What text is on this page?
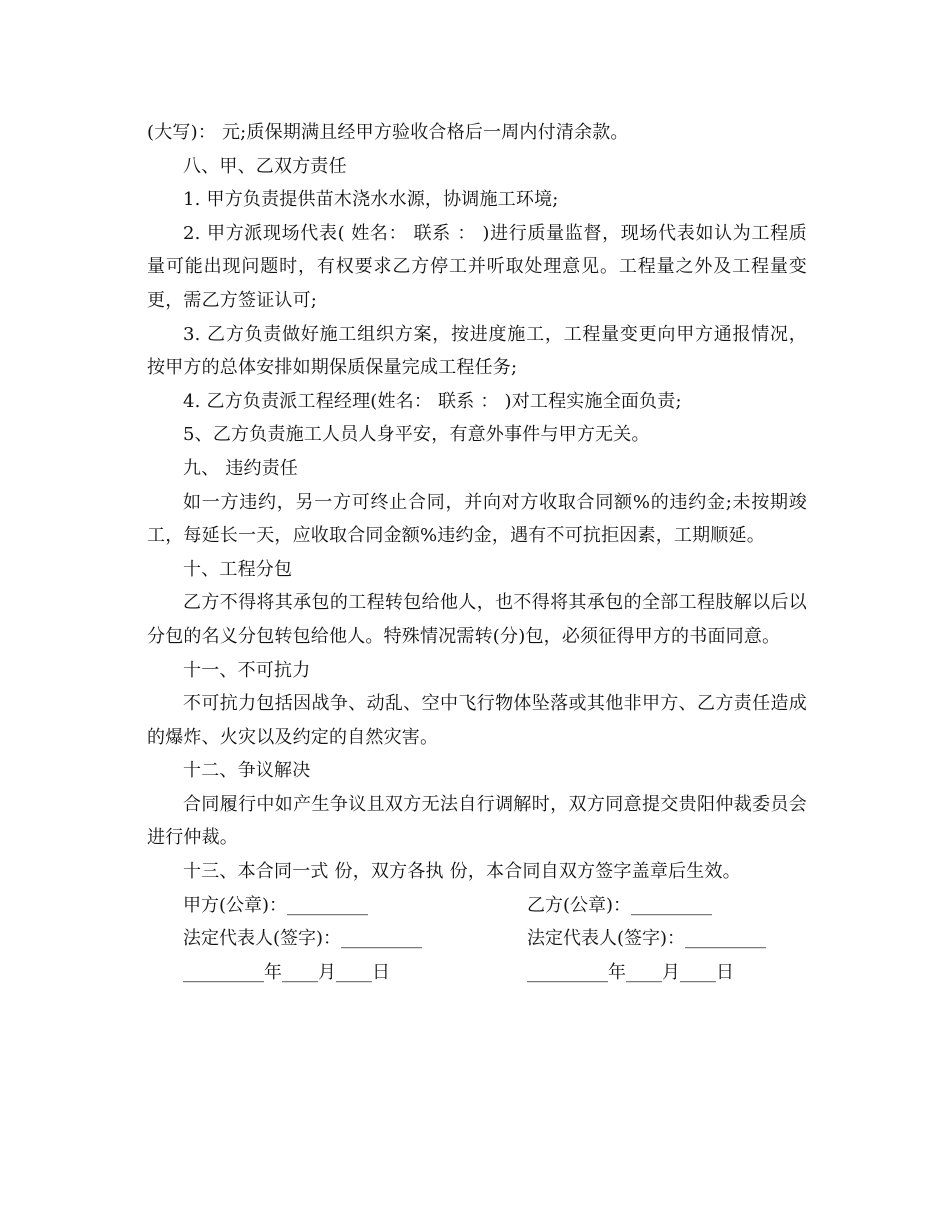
(大写)： 元;质保期满且经甲方验收合格后一周内付清余款。

八、甲、乙双方责任

1. 甲方负责提供苗木浇水水源，协调施工环境;

2. 甲方派现场代表( 姓名： 联系 ： )进行质量监督，现场代表如认为工程质量可能出现问题时，有权要求乙方停工并听取处理意见。工程量之外及工程量变更，需乙方签证认可;

3. 乙方负责做好施工组织方案，按进度施工，工程量变更向甲方通报情况，按甲方的总体安排如期保质保量完成工程任务;

4. 乙方负责派工程经理(姓名： 联系 ： )对工程实施全面负责;

5、乙方负责施工人员人身平安，有意外事件与甲方无关。

九、 违约责任

如一方违约，另一方可终止合同，并向对方收取合同额%的违约金;未按期竣工，每延长一天，应收取合同金额%违约金，遇有不可抗拒因素，工期顺延。

十、工程分包

乙方不得将其承包的工程转包给他人，也不得将其承包的全部工程肢解以后以分包的名义分包转包给他人。特殊情况需转(分)包，必须征得甲方的书面同意。

十一、不可抗力

不可抗力包括因战争、动乱、空中飞行物体坠落或其他非甲方、乙方责任造成的爆炸、火灾以及约定的自然灾害。

十二、争议解决

合同履行中如产生争议且双方无法自行调解时，双方同意提交贵阳仲裁委员会进行仲裁。

十三、本合同一式 份，双方各执 份，本合同自双方签字盖章后生效。

甲方(公章)：_________	乙方(公章)：_________
法定代表人(签字)：_________	法定代表人(签字)：_________
_________年____月____日	_________年____月____日
